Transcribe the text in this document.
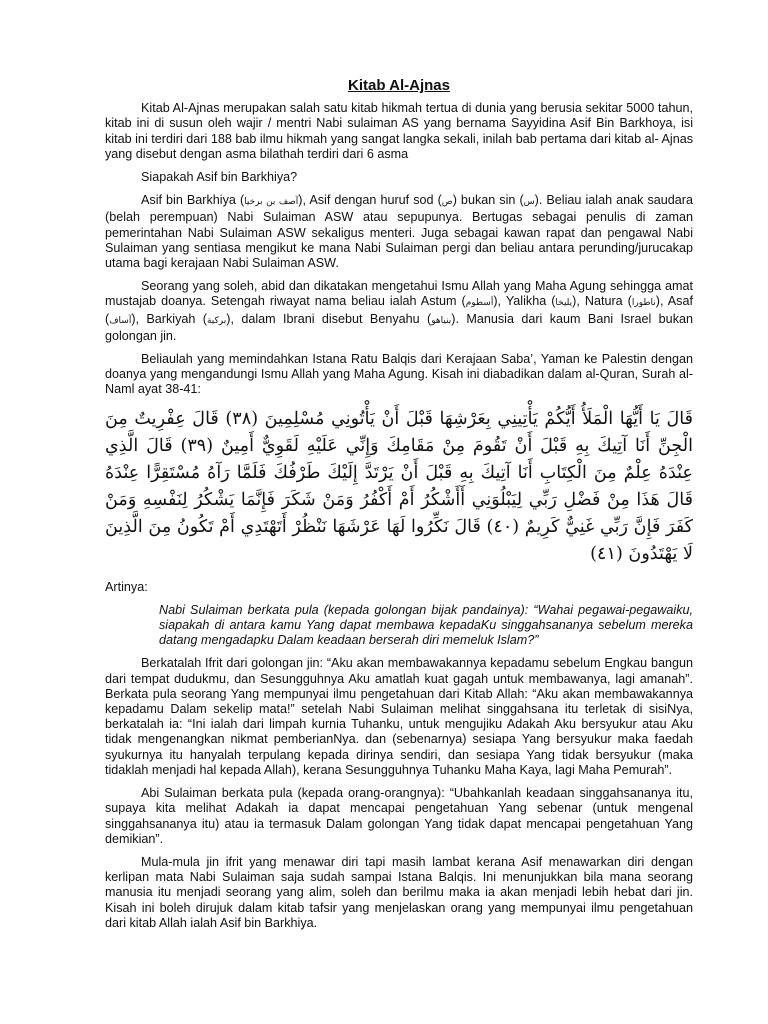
Kitab Al-Ajnas

Kitab Al-Ajnas merupakan salah satu kitab hikmah tertua di dunia yang berusia sekitar 5000 tahun, kitab ini di susun oleh wajir / mentri Nabi sulaiman AS yang bernama Sayyidina Asif Bin Barkhoya, isi kitab ini terdiri dari 188 bab ilmu hikmah yang sangat langka sekali, inilah bab pertama dari kitab al- Ajnas yang disebut dengan asma bilathah terdiri dari 6 asma

Siapakah Asif bin Barkhiya?

Asif bin Barkhiya (آصف بن برخيا), Asif dengan huruf sod (ص) bukan sin (س). Beliau ialah anak saudara (belah perempuan) Nabi Sulaiman ASW atau sepupunya. Bertugas sebagai penulis di zaman pemerintahan Nabi Sulaiman ASW sekaligus menteri. Juga sebagai kawan rapat dan pengawal Nabi Sulaiman yang sentiasa mengikut ke mana Nabi Sulaiman pergi dan beliau antara perunding/jurucakap utama bagi kerajaan Nabi Sulaiman ASW.

Seorang yang soleh, abid dan dikatakan mengetahui Ismu Allah yang Maha Agung sehingga amat mustajab doanya. Setengah riwayat nama beliau ialah Astum (أسطوم), Yalikha (يليخا), Natura (ناطورا), Asaf (آساف), Barkiyah (بركية), dalam Ibrani disebut Benyahu (بنياهو). Manusia dari kaum Bani Israel bukan golongan jin.

Beliaulah yang memindahkan Istana Ratu Balqis dari Kerajaan Saba’, Yaman ke Palestin dengan doanya yang mengandungi Ismu Allah yang Maha Agung. Kisah ini diabadikan dalam al-Quran, Surah al-Naml ayat 38-41:

قَالَ يَا أَيُّهَا الْمَلَأُ أَيُّكُمْ يَأْتِينِي بِعَرْشِهَا قَبْلَ أَنْ يَأْتُونِي مُسْلِمِينَ (٣٨) قَالَ عِفْرِيتٌ مِنَ الْجِنِّ أَنَا آتِيكَ بِهِ قَبْلَ أَنْ تَقُومَ مِنْ مَقَامِكَ وَإِنِّي عَلَيْهِ لَقَوِيٌّ أَمِينٌ (٣٩) قَالَ الَّذِي عِنْدَهُ عِلْمٌ مِنَ الْكِتَابِ أَنَا آتِيكَ بِهِ قَبْلَ أَنْ يَرْتَدَّ إِلَيْكَ طَرْفُكَ فَلَمَّا رَآهُ مُسْتَقِرًّا عِنْدَهُ قَالَ هَذَا مِنْ فَضْلِ رَبِّي لِيَبْلُوَنِي أَأَشْكُرُ أَمْ أَكْفُرُ وَمَنْ شَكَرَ فَإِنَّمَا يَشْكُرُ لِنَفْسِهِ وَمَنْ كَفَرَ فَإِنَّ رَبِّي غَنِيٌّ كَرِيمٌ (٤٠) قَالَ نَكِّرُوا لَهَا عَرْشَهَا نَنْظُرْ أَتَهْتَدِي أَمْ تَكُونُ مِنَ الَّذِينَ لَا يَهْتَدُونَ (٤١)

Artinya:

Nabi Sulaiman berkata pula (kepada golongan bijak pandainya): “Wahai pegawai-pegawaiku, siapakah di antara kamu Yang dapat membawa kepadaKu singgahsananya sebelum mereka datang mengadapku Dalam keadaan berserah diri memeluk Islam?”

Berkatalah Ifrit dari golongan jin: “Aku akan membawakannya kepadamu sebelum Engkau bangun dari tempat dudukmu, dan Sesungguhnya Aku amatlah kuat gagah untuk membawanya, lagi amanah”. Berkata pula seorang Yang mempunyai ilmu pengetahuan dari Kitab Allah: “Aku akan membawakannya kepadamu Dalam sekelip mata!” setelah Nabi Sulaiman melihat singgahsana itu terletak di sisiNya, berkatalah ia: “Ini ialah dari limpah kurnia Tuhanku, untuk mengujiku Adakah Aku bersyukur atau Aku tidak mengenangkan nikmat pemberianNya. dan (sebenarnya) sesiapa Yang bersyukur maka faedah syukurnya itu hanyalah terpulang kepada dirinya sendiri, dan sesiapa Yang tidak bersyukur (maka tidaklah menjadi hal kepada Allah), kerana Sesungguhnya Tuhanku Maha Kaya, lagi Maha Pemurah”.

Abi Sulaiman berkata pula (kepada orang-orangnya): “Ubahkanlah keadaan singgahsananya itu, supaya kita melihat Adakah ia dapat mencapai pengetahuan Yang sebenar (untuk mengenal singgahsananya itu) atau ia termasuk Dalam golongan Yang tidak dapat mencapai pengetahuan Yang demikian”.

Mula-mula jin ifrit yang menawar diri tapi masih lambat kerana Asif menawarkan diri dengan kerlipan mata Nabi Sulaiman saja sudah sampai Istana Balqis. Ini menunjukkan bila mana seorang manusia itu menjadi seorang yang alim, soleh dan berilmu maka ia akan menjadi lebih hebat dari jin. Kisah ini boleh dirujuk dalam kitab tafsir yang menjelaskan orang yang mempunyai ilmu pengetahuan dari kitab Allah ialah Asif bin Barkhiya.
